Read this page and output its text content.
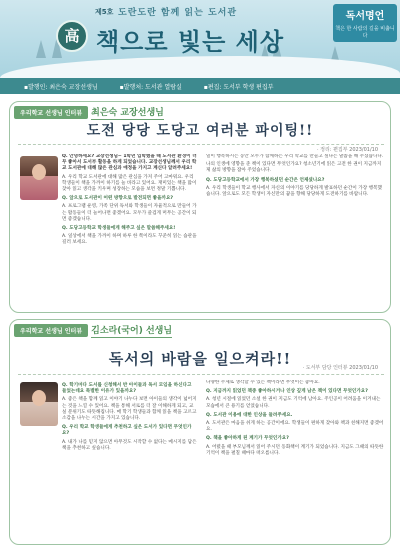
高
제5호 도란도란 함께 읽는 도서관
책으로 빛는 세상
독서명언
책은 한 사람의 길을 비춥니다
▪발행인: 최은숙 교장선생님	▪발행처: 도서관 열람실	▪편집: 도서부 학생 편집부
우리학교 선생님 인터뷰	최은숙 교장선생님
도전 당당 도당고 여러분 파이팅!!
· 정리: 편집부 2023/01/10

Q. 안녕하세요? 교장선생님~ 1학년 입학했을 때 도서관 환경이 너무 좋아서 도서부 활동을 하게 되었습니다. 교장선생님께서 우리 학교 도서관에 대해 많은 관심과 애정을 가지고 계신다 알려주세요!

A. 우리 학교 도서관에 대해 많은 관심을 가져 주어 고마워요. 우리 학생들이 책을 가까이 하기를 늘 바라고 있어요. 재미있는 책을 많이 찾아 읽고 생각을 키우며 성장하는 모습을 보면 정말 기쁩니다.

Q. 앞으로 도서관이 어떤 방향으로 발전되면 좋을까요?

A. 프로그램 운영, 가족 단위 독서와 학생들이 자율적으로 만들어 가는 활동들이 더 늘어나면 좋겠어요. 모두가 즐겁게 머무는 공간이 되면 좋겠습니다.

Q. 도당고등학교 학생들에게 해주고 싶은 말씀해주세요!

A. 일상에서 책을 가까이 하며 하루 한 쪽이라도 꾸준히 읽는 습관을 길러 보세요.

일이 행복하시는 동안 모두가 함께하는 우리 학교를 만들고 싶다는 말씀을 해 주셨습니다.

나의 인생에 영향을 준 책이 있다면 무엇인가요? 청소년기에 읽은 고전 한 권이 지금까지 제 삶의 방향을 잡아 주었습니다.

Q. 도당고등학교에서 가장 행복하셨던 순간은 언제셨나요?

A. 우리 학생들이 학교 행사에서 자신의 이야기를 당당하게 발표하던 순간이 가장 행복했습니다. 앞으로도 모든 학생이 자신만의 꿈을 향해 당당하게 도전하기를 바랍니다.

우리학교 선생님 인터뷰	김소라(국어) 선생님
· 도서부 담당 인터뷰 2023/01/10
독서의 바람을 일으켜라!!

Q. 학기마다 도서를 신청해서 반 아이들과 독서 모임을 하신다고 들었는데요 특별한 이유가 있을까요?

A. 좋은 책을 함께 읽고 이야기 나누다 보면 아이들의 생각이 넓어지는 것을 느낄 수 있어요. 책을 통해 서로를 더 잘 이해하게 되고, 교실 분위기도 따뜻해집니다. 매 학기 학생들과 함께 읽을 책을 고르고 소감을 나누는 시간을 가지고 있습니다.

Q. 우리 학교 학생들에게 추천하고 싶은 도서가 있다면 무엇인가요?

A. 내가 나를 믿지 않으면 아무것도 시작할 수 없다는 메시지를 담은 책을 추천하고 싶습니다.

다양한 주제로 생각할 수 있는 책이라면 무엇이든 좋아요.

Q. 지금까지 읽었던 책중 좋아하시거나 인상 깊게 남은 책이 있다면 무엇인가요?

A. 청년 시절에 읽었던 소설 한 권이 지금도 기억에 남아요. 주인공이 어려움을 이겨내는 모습에서 큰 용기를 얻었습니다.

Q. 도서관 이용에 대한 인상을 들려주세요.

A. 도서관은 마음을 쉬게 하는 공간이에요. 학생들이 편하게 찾아와 책과 친해지면 좋겠어요.

Q. 책을 좋아하게 된 계기가 무엇인가요?

A. 어렸을 때 부모님께서 읽어 주시던 동화책이 계기가 되었습니다. 지금도 그때의 따뜻한 기억이 책을 펼칠 때마다 떠오릅니다.
